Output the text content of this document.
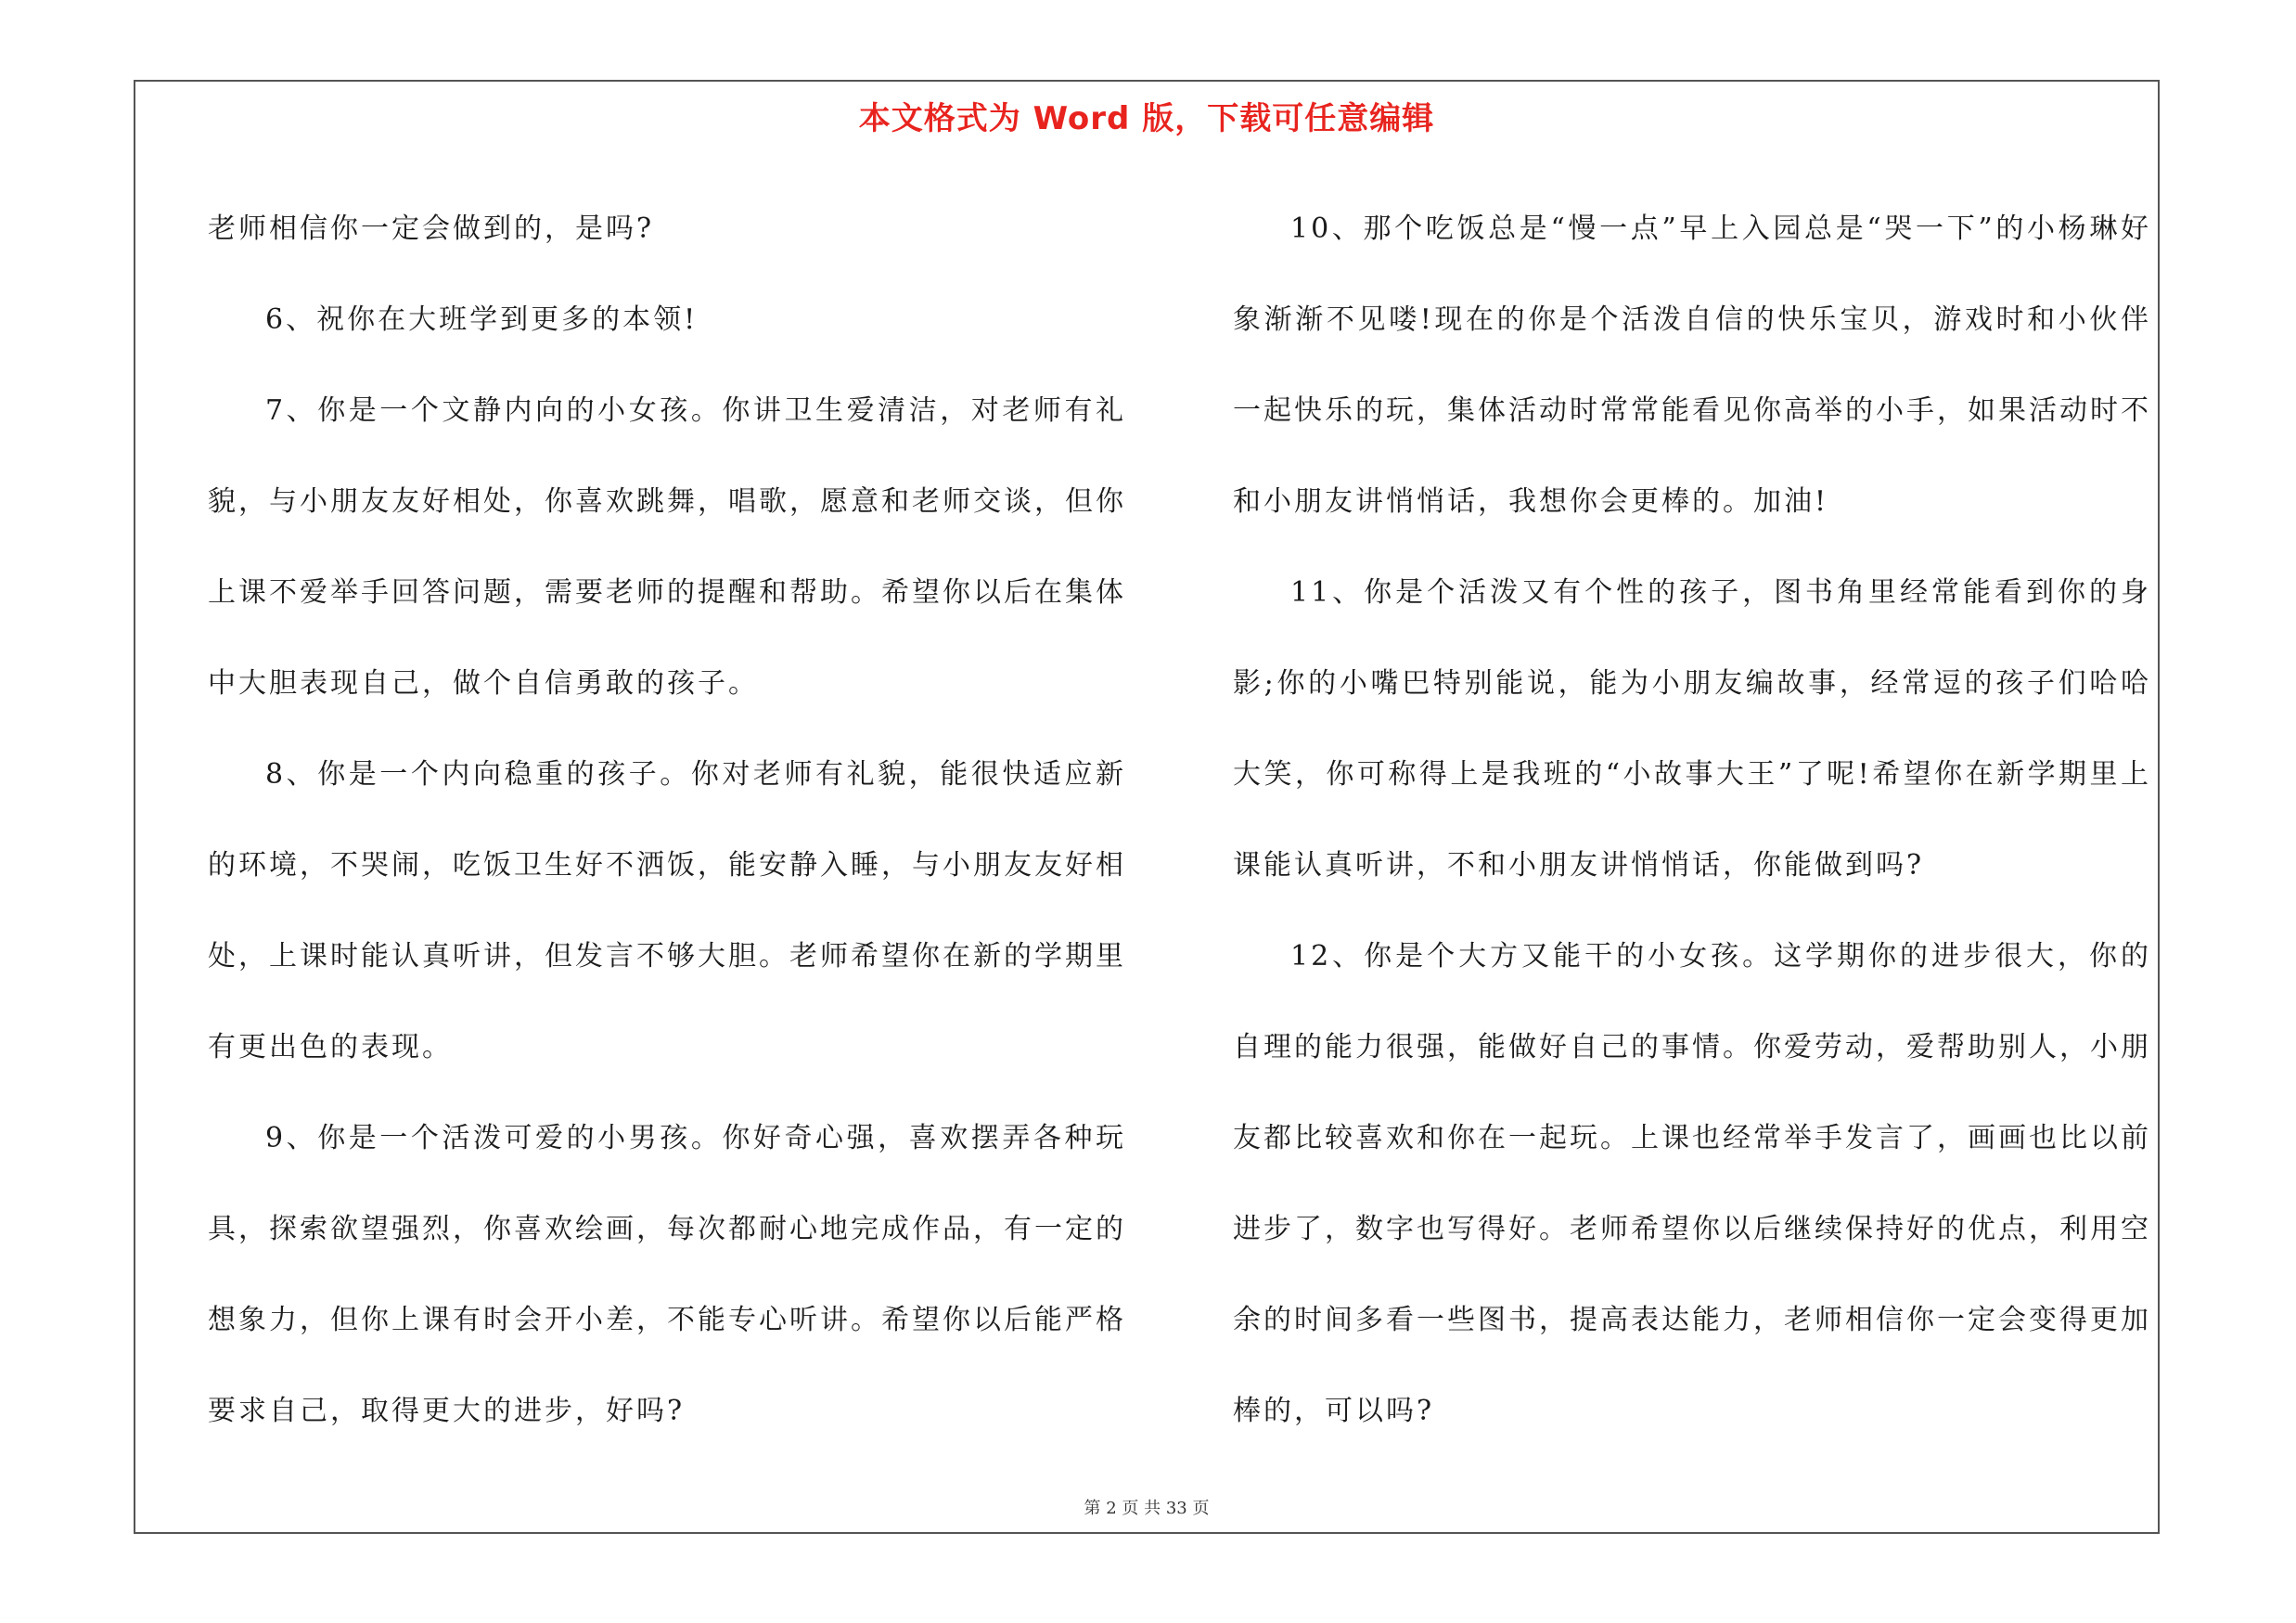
本文格式为 Word 版，下载可任意编辑

老师相信你一定会做到的，是吗?

6、祝你在大班学到更多的本领!

7、你是一个文静内向的小女孩。你讲卫生爱清洁，对老师有礼貌，与小朋友友好相处，你喜欢跳舞，唱歌，愿意和老师交谈，但你上课不爱举手回答问题，需要老师的提醒和帮助。希望你以后在集体中大胆表现自己，做个自信勇敢的孩子。

8、你是一个内向稳重的孩子。你对老师有礼貌，能很快适应新的环境，不哭闹，吃饭卫生好不洒饭，能安静入睡，与小朋友友好相处，上课时能认真听讲，但发言不够大胆。老师希望你在新的学期里有更出色的表现。

9、你是一个活泼可爱的小男孩。你好奇心强，喜欢摆弄各种玩具，探索欲望强烈，你喜欢绘画，每次都耐心地完成作品，有一定的想象力，但你上课有时会开小差，不能专心听讲。希望你以后能严格要求自己，取得更大的进步，好吗?

10、那个吃饭总是“慢一点”早上入园总是“哭一下”的小杨琳好象渐渐不见喽!现在的你是个活泼自信的快乐宝贝，游戏时和小伙伴一起快乐的玩，集体活动时常常能看见你高举的小手，如果活动时不和小朋友讲悄悄话，我想你会更棒的。加油!

11、你是个活泼又有个性的孩子，图书角里经常能看到你的身影;你的小嘴巴特别能说，能为小朋友编故事，经常逗的孩子们哈哈大笑，你可称得上是我班的“小故事大王”了呢!希望你在新学期里上课能认真听讲，不和小朋友讲悄悄话，你能做到吗?

12、你是个大方又能干的小女孩。这学期你的进步很大，你的自理的能力很强，能做好自己的事情。你爱劳动，爱帮助别人，小朋友都比较喜欢和你在一起玩。上课也经常举手发言了，画画也比以前进步了，数字也写得好。老师希望你以后继续保持好的优点，利用空余的时间多看一些图书，提高表达能力，老师相信你一定会变得更加棒的，可以吗?

第 2 页 共 33 页
